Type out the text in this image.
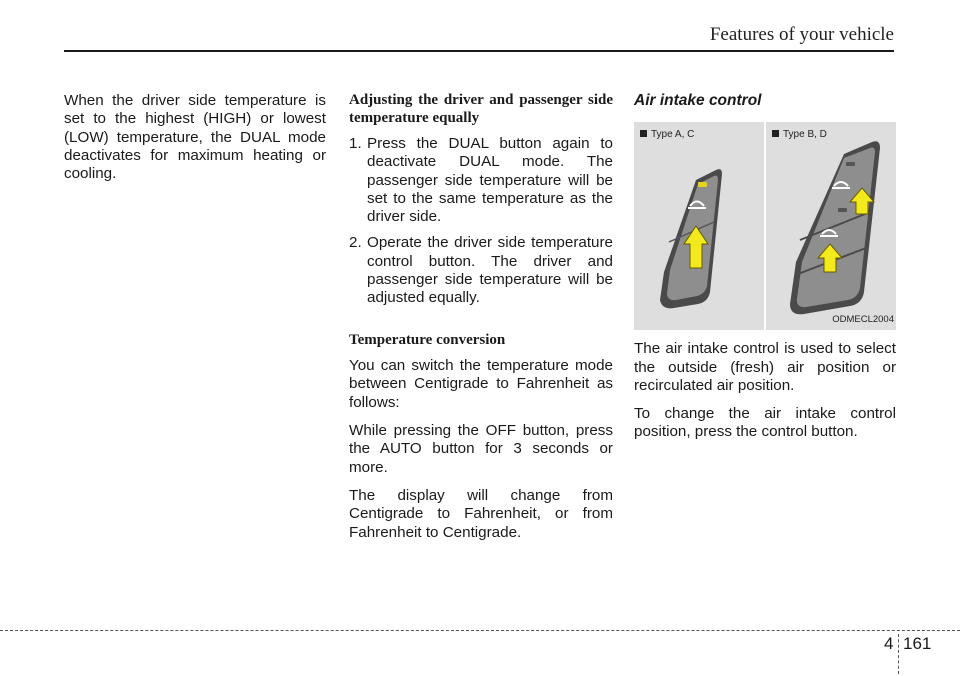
Features of your vehicle

When the driver side temperature is set to the highest (HIGH) or lowest (LOW) temperature, the DUAL mode deactivates for maximum heating or cooling.

Adjusting the driver and passenger side temperature equally
1. Press the DUAL button again to deactivate DUAL mode. The passenger side temperature will be set to the same temperature as the driver side.
2. Operate the driver side temperature control button. The driver and passenger side temperature will be adjusted equally.
Temperature conversion

You can switch the temperature mode between Centigrade to Fahrenheit as follows:

While pressing the OFF button, press the AUTO button for 3 seconds or more.

The display will change from Centigrade to Fahrenheit, or from Fahrenheit to Centigrade.

Air intake control
Type A, C	Type B, D
ODMECL2004

The air intake control is used to select the outside (fresh) air position or recirculated air position.

To change the air intake control position, press the control button.

4 161
